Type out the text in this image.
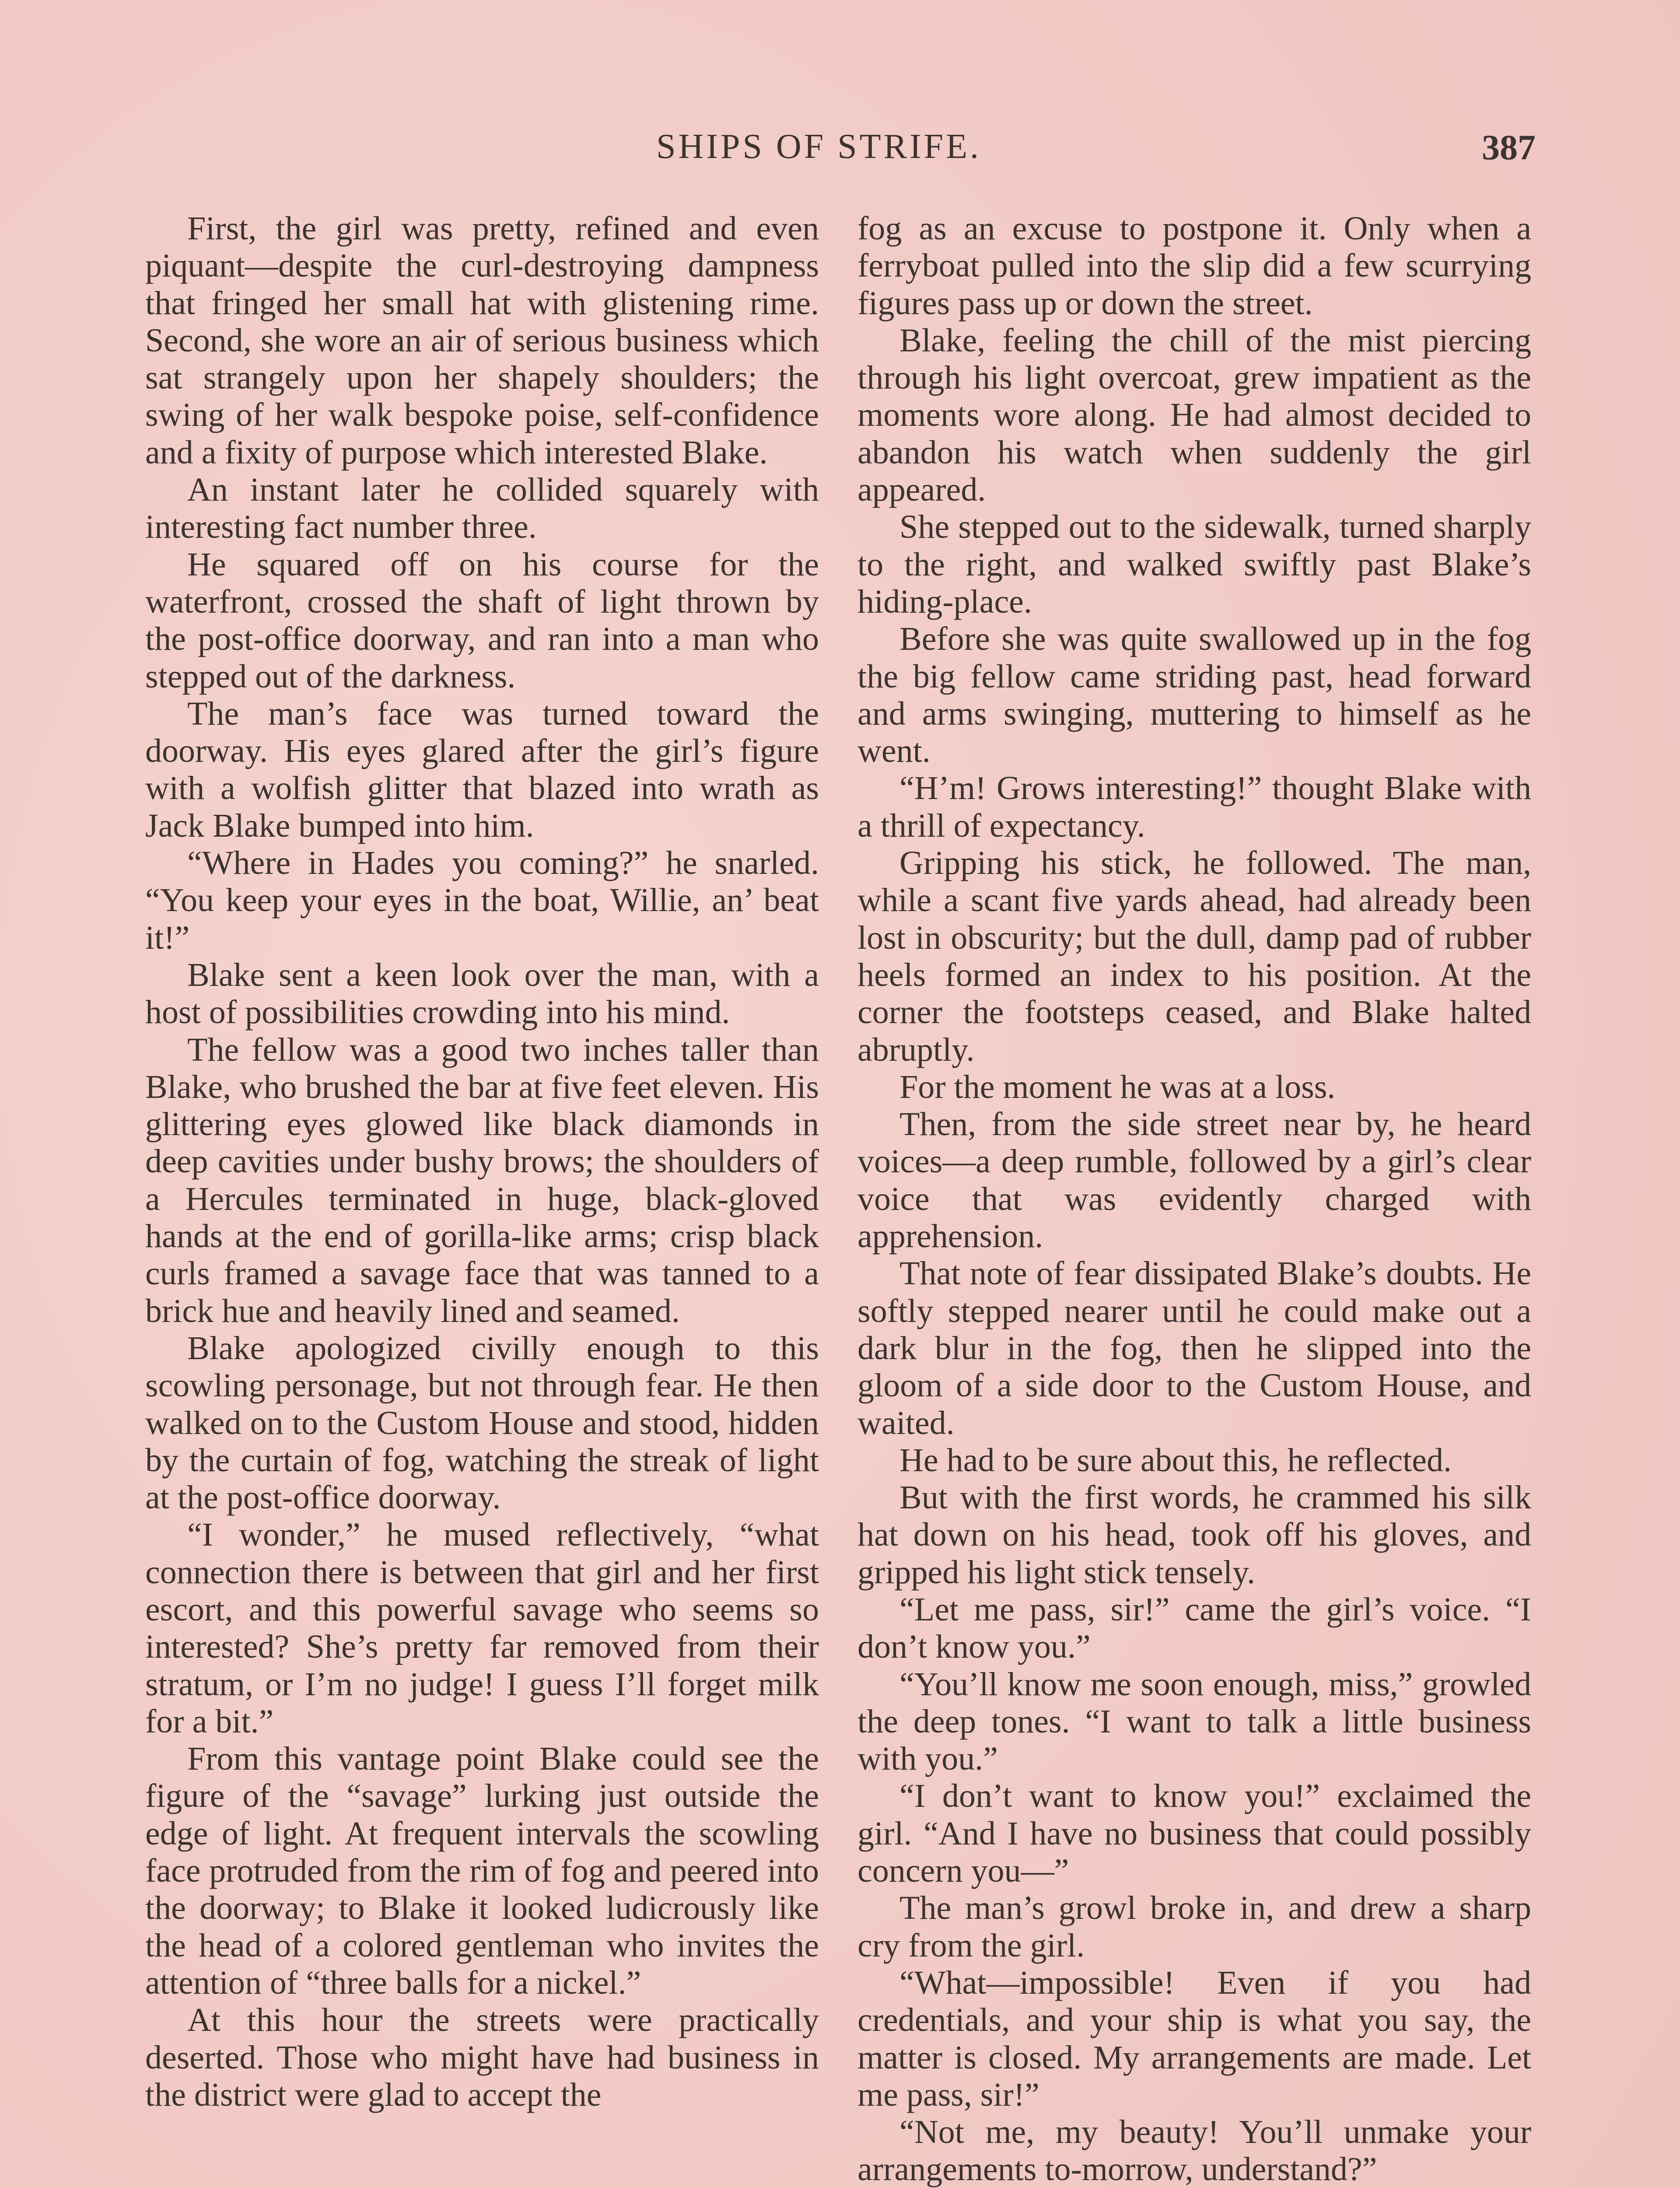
SHIPS OF STRIFE.	387

First, the girl was pretty, refined and even piquant—despite the curl-destroying dampness that fringed her small hat with glistening rime. Second, she wore an air of serious business which sat strangely upon her shapely shoulders; the swing of her walk bespoke poise, self-confidence and a fixity of purpose which interested Blake.

An instant later he collided squarely with interesting fact number three.

He squared off on his course for the waterfront, crossed the shaft of light thrown by the post-office doorway, and ran into a man who stepped out of the darkness.

The man’s face was turned toward the doorway. His eyes glared after the girl’s figure with a wolfish glitter that blazed into wrath as Jack Blake bumped into him.

“Where in Hades you coming?” he snarled. “You keep your eyes in the boat, Willie, an’ beat it!”

Blake sent a keen look over the man, with a host of possibilities crowding into his mind.

The fellow was a good two inches taller than Blake, who brushed the bar at five feet eleven. His glittering eyes glowed like black diamonds in deep cavities under bushy brows; the shoulders of a Hercules terminated in huge, black-gloved hands at the end of gorilla-like arms; crisp black curls framed a savage face that was tanned to a brick hue and heavily lined and seamed.

Blake apologized civilly enough to this scowling personage, but not through fear. He then walked on to the Custom House and stood, hidden by the curtain of fog, watching the streak of light at the post-office doorway.

“I wonder,” he mused reflectively, “what connection there is between that girl and her first escort, and this powerful savage who seems so interested? She’s pretty far removed from their stratum, or I’m no judge! I guess I’ll forget milk for a bit.”

From this vantage point Blake could see the figure of the “savage” lurking just outside the edge of light. At frequent intervals the scowling face protruded from the rim of fog and peered into the doorway; to Blake it looked ludicrously like the head of a colored gentleman who invites the attention of “three balls for a nickel.”

At this hour the streets were practically deserted. Those who might have had business in the district were glad to accept the

fog as an excuse to postpone it. Only when a ferryboat pulled into the slip did a few scurrying figures pass up or down the street.

Blake, feeling the chill of the mist piercing through his light overcoat, grew impatient as the moments wore along. He had almost decided to abandon his watch when suddenly the girl appeared.

She stepped out to the sidewalk, turned sharply to the right, and walked swiftly past Blake’s hiding-place.

Before she was quite swallowed up in the fog the big fellow came striding past, head forward and arms swinging, muttering to himself as he went.

“H’m! Grows interesting!” thought Blake with a thrill of expectancy.

Gripping his stick, he followed. The man, while a scant five yards ahead, had already been lost in obscurity; but the dull, damp pad of rubber heels formed an index to his position. At the corner the footsteps ceased, and Blake halted abruptly.

For the moment he was at a loss.

Then, from the side street near by, he heard voices—a deep rumble, followed by a girl’s clear voice that was evidently charged with apprehension.

That note of fear dissipated Blake’s doubts. He softly stepped nearer until he could make out a dark blur in the fog, then he slipped into the gloom of a side door to the Custom House, and waited.

He had to be sure about this, he reflected.

But with the first words, he crammed his silk hat down on his head, took off his gloves, and gripped his light stick tensely.

“Let me pass, sir!” came the girl’s voice. “I don’t know you.”

“You’ll know me soon enough, miss,” growled the deep tones. “I want to talk a little business with you.”

“I don’t want to know you!” exclaimed the girl. “And I have no business that could possibly concern you—”

The man’s growl broke in, and drew a sharp cry from the girl.

“What—impossible! Even if you had credentials, and your ship is what you say, the matter is closed. My arrangements are made. Let me pass, sir!”

“Not me, my beauty! You’ll unmake your arrangements to-morrow, understand?”
